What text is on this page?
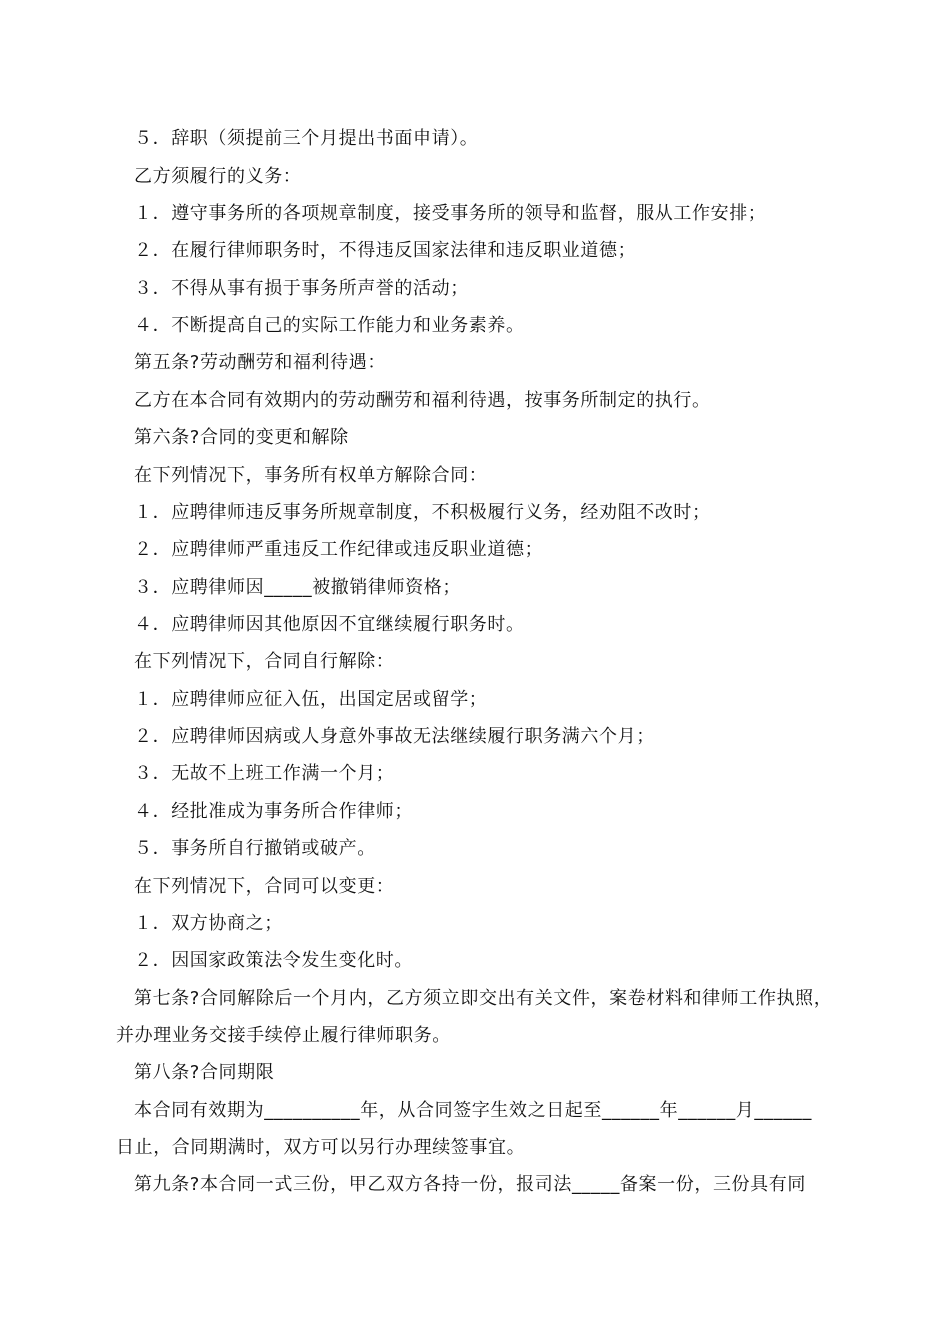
５．辞职（须提前三个月提出书面申请）。
乙方须履行的义务：
１．遵守事务所的各项规章制度，接受事务所的领导和监督，服从工作安排；
２．在履行律师职务时，不得违反国家法律和违反职业道德；
３．不得从事有损于事务所声誉的活动；
４．不断提高自己的实际工作能力和业务素养。
第五条?劳动酬劳和福利待遇：
乙方在本合同有效期内的劳动酬劳和福利待遇，按事务所制定的执行。
第六条?合同的变更和解除
在下列情况下，事务所有权单方解除合同：
１．应聘律师违反事务所规章制度，不积极履行义务，经劝阻不改时；
２．应聘律师严重违反工作纪律或违反职业道德；
３．应聘律师因_____被撤销律师资格；
４．应聘律师因其他原因不宜继续履行职务时。
在下列情况下，合同自行解除：
１．应聘律师应征入伍，出国定居或留学；
２．应聘律师因病或人身意外事故无法继续履行职务满六个月；
３．无故不上班工作满一个月；
４．经批准成为事务所合作律师；
５．事务所自行撤销或破产。
在下列情况下，合同可以变更：
１．双方协商之；
２．因国家政策法令发生变化时。
第七条?合同解除后一个月内，乙方须立即交出有关文件，案卷材料和律师工作执照，
并办理业务交接手续停止履行律师职务。
第八条?合同期限
本合同有效期为__________年，从合同签字生效之日起至______年______月______
日止，合同期满时，双方可以另行办理续签事宜。
第九条?本合同一式三份，甲乙双方各持一份，报司法_____备案一份，三份具有同
